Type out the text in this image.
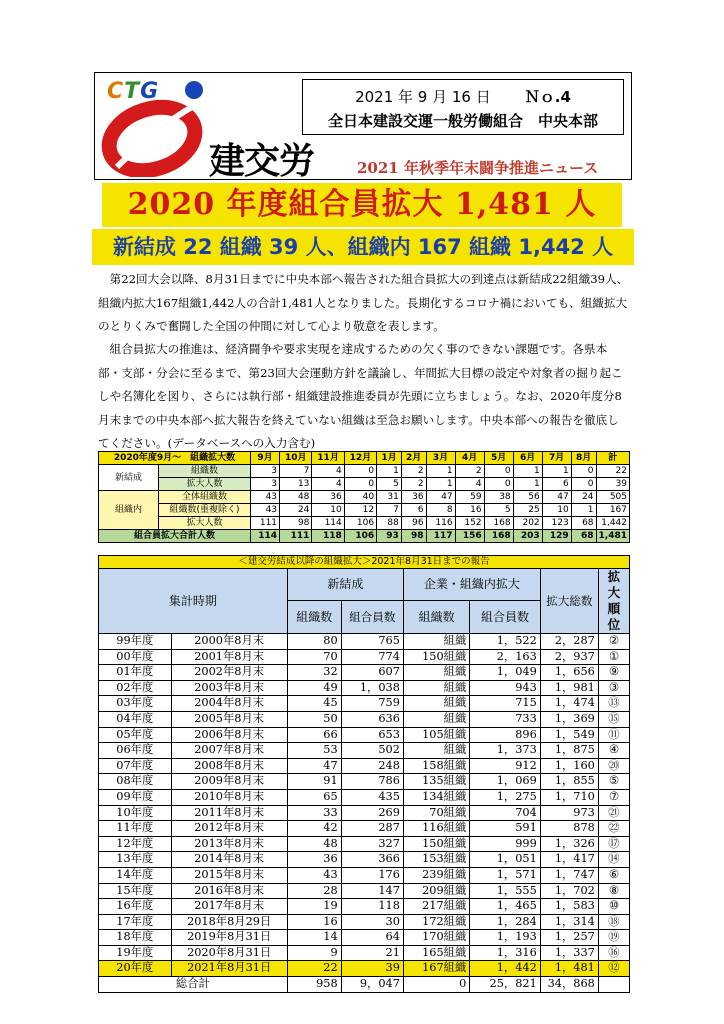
CTG	2021 年 9 月 16 日 Ｎｏ.4
全日本建設交運一般労働組合　中央本部
建交労	2021 年秋季年末闘争推進ニュース
2020 年度組合員拡大 1,481 人
新結成 22 組織 39 人、組織内 167 組織 1,442 人
第22回大会以降、8月31日までに中央本部へ報告された組合員拡大の到達点は新結成22組織39人、組織内拡大167組織1,442人の合計1,481人となりました。長期化するコロナ禍においても、組織拡大のとりくみで奮闘した全国の仲間に対して心より敬意を表します。
組合員拡大の推進は、経済闘争や要求実現を達成するための欠く事のできない課題です。各県本部・支部・分会に至るまで、第23回大会運動方針を議論し、年間拡大目標の設定や対象者の掘り起こしや名簿化を図り、さらには執行部・組織建設推進委員が先頭に立ちましょう。なお、2020年度分8月末までの中央本部へ拡大報告を終えていない組織は至急お願いします。中央本部への報告を徹底してください。(データベースへの入力含む)
2020年度9月～　組織拡大数		9月	10月	11月	12月	1月	2月	3月	4月	5月	6月	7月	8月	計
新結成	組織数	3	7	4	0	1	2	1	2	0	1	1	0	22
	拡大人数	3	13	4	0	5	2	1	4	0	1	6	0	39
組織内	全体組織数	43	48	36	40	31	36	47	59	38	56	47	24	505
	組織数(重複除く)	43	24	10	12	7	6	8	16	5	25	10	1	167
	拡大人数	111	98	114	106	88	96	116	152	168	202	123	68	1,442
組合員拡大合計人数		114	111	118	106	93	98	117	156	168	203	129	68	1,481
＜建交労結成以降の組織拡大＞2021年8月31日までの報告
集計時期		新結成		企業・組織内拡大		拡大総数	拡大順位
		組織数	組合員数	組織数	組合員数		
99年度	2000年8月末	80	765	組織	1，522	2，287	②
00年度	2001年8月末	70	774	150組織	2，163	2，937	①
01年度	2002年8月末	32	607	組織	1，049	1，656	⑨
02年度	2003年8月末	49	1，038	組織	943	1，981	③
03年度	2004年8月末	45	759	組織	715	1，474	⑬
04年度	2005年8月末	50	636	組織	733	1，369	⑮
05年度	2006年8月末	66	653	105組織	896	1，549	⑪
06年度	2007年8月末	53	502	組織	1，373	1，875	④
07年度	2008年8月末	47	248	158組織	912	1，160	⑳
08年度	2009年8月末	91	786	135組織	1，069	1，855	⑤
09年度	2010年8月末	65	435	134組織	1，275	1，710	⑦
10年度	2011年8月末	33	269	70組織	704	973	㉑
11年度	2012年8月末	42	287	116組織	591	878	㉒
12年度	2013年8月末	48	327	150組織	999	1，326	⑰
13年度	2014年8月末	36	366	153組織	1，051	1，417	⑭
14年度	2015年8月末	43	176	239組織	1，571	1，747	⑥
15年度	2016年8月末	28	147	209組織	1，555	1，702	⑧
16年度	2017年8月末	19	118	217組織	1，465	1，583	⑩
17年度	2018年8月29日	16	30	172組織	1，284	1，314	⑱
18年度	2019年8月31日	14	64	170組織	1，193	1，257	⑲
19年度	2020年8月31日	9	21	165組織	1，316	1，337	⑯
20年度	2021年8月31日	22	39	167組織	1，442	1，481	⑫
総合計		958	9，047	0	25，821	34，868	
